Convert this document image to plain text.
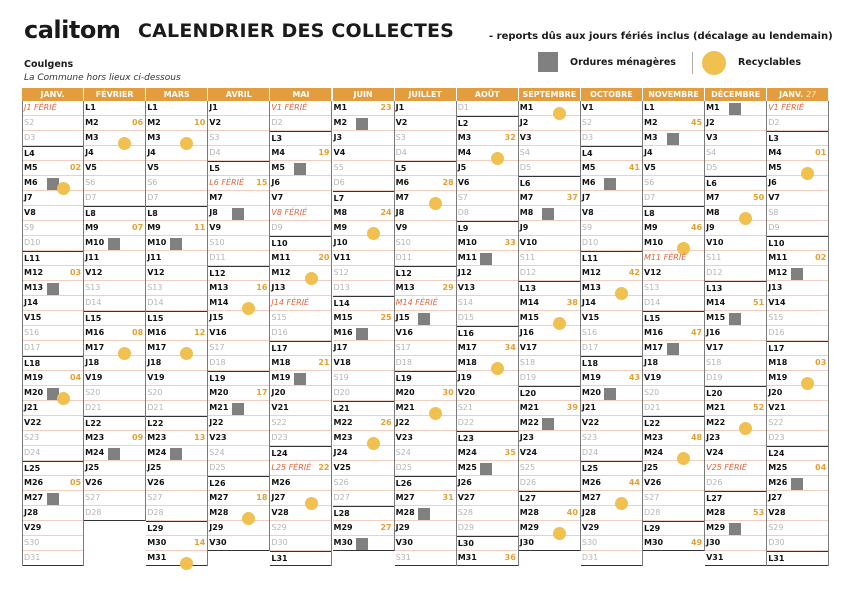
calitom CALENDRIER DES COLLECTES	- reports dûs aux jours fériés inclus (décalage au lendemain)
Coulgens
La Commune hors lieux ci-dessous
Ordures ménagères	Recyclables
JANV.
J1 FÉRIÉ
S2
D3
L4
M5	02
M6
J7
V8
S9
D10
L11
M12	03
M13
J14
V15
S16
D17
L18
M19	04
M20
J21
V22
S23
D24
L25
M26	05
M27
J28
V29
S30
D31
FÉVRIER
L1
M2	06
M3
J4
V5
S6
D7
L8
M9	07
M10
J11
V12
S13
D14
L15
M16	08
M17
J18
V19
S20
D21
L22
M23	09
M24
J25
V26
S27
D28
MARS
L1
M2	10
M3
J4
V5
S6
D7
L8
M9	11
M10
J11
V12
S13
D14
L15
M16	12
M17
J18
V19
S20
D21
L22
M23	13
M24
J25
V26
S27
D28
L29
M30	14
M31
AVRIL
J1
V2
S3
D4
L5
L6 FÉRIÉ 15
M7
J8
V9
S10
D11
L12
M13	16
M14
J15
V16
S17
D18
L19
M20	17
M21
J22
V23
S24
D25
L26
M27	18
M28
J29
V30
MAI
V1 FÉRIÉ
D2
L3
M4	19
M5
J6
V7
V8 FÉRIÉ
D9
L10
M11	20
M12
J13
J14 FÉRIÉ
S15
D16
L17
M18	21
M19
J20
V21
S22
D23
L24
L25 FÉRIÉ 22
M26
J27
V28
S29
D30
L31
JUIN
M1	23
M2
J3
V4
S5
D6
L7
M8	24
M9
J10
V11
S12
D13
L14
M15	25
M16
J17
V18
S19
D20
L21
M22	26
M23
J24
V25
S26
D27
L28
M29	27
M30
JUILLET
J1
V2
S3
D4
L5
M6	28
M7
J8
V9
S10
D11
L12
M13	29
M14 FÉRIÉ
J15
V16
S17
D18
L19
M20	30
M21
J22
V23
S24
D25
L26
M27	31
M28
J29
V30
S31
AOÛT
D1
L2
M3	32
M4
J5
V6
S7
D8
L9
M10	33
M11
J12
V13
S14
D15
L16
M17	34
M18
J19
V20
S21
D22
L23
M24	35
M25
J26
V27
S28
D29
L30
M31	36
SEPTEMBRE
M1
J2
V3
S4
D5
L6
M7	37
M8
J9
V10
S11
D12
L13
M14	38
M15
J16
V17
S18
D19
L20
M21	39
M22
J23
V24
S25
D26
L27
M28	40
M29
J30
OCTOBRE
V1
S2
D3
L4
M5	41
M6
J7
V8
S9
D10
L11
M12	42
M13
J14
V15
S16
D17
L18
M19	43
M20
J21
V22
S23
D24
L25
M26	44
M27
J28
V29
S30
D31
NOVEMBRE
L1
M2	45
M3
J4
V5
S6
D7
L8
M9	46
M10
M11 FÉRIÉ
V12
S13
D14
L15
M16	47
M17
J18
V19
S20
D21
L22
M23	48
M24
J25
V26
S27
D28
L29
M30	49
DÉCEMBRE
M1
J2
V3
S4
D5
L6
M7	50
M8
J9
V10
S11
D12
L13
M14	51
M15
J16
V17
S18
D19
L20
M21	52
M22
J23
V24
V25 FÉRIÉ
D26
L27
M28	53
M29
J30
V31
JANV. 27
V1 FÉRIÉ
D2
L3
M4	01
M5
J6
V7
S8
D9
L10
M11	02
M12
J13
V14
S15
D16
L17
M18	03
M19
J20
V21
S22
D23
L24
M25	04
M26
J27
V28
S29
D30
L31
